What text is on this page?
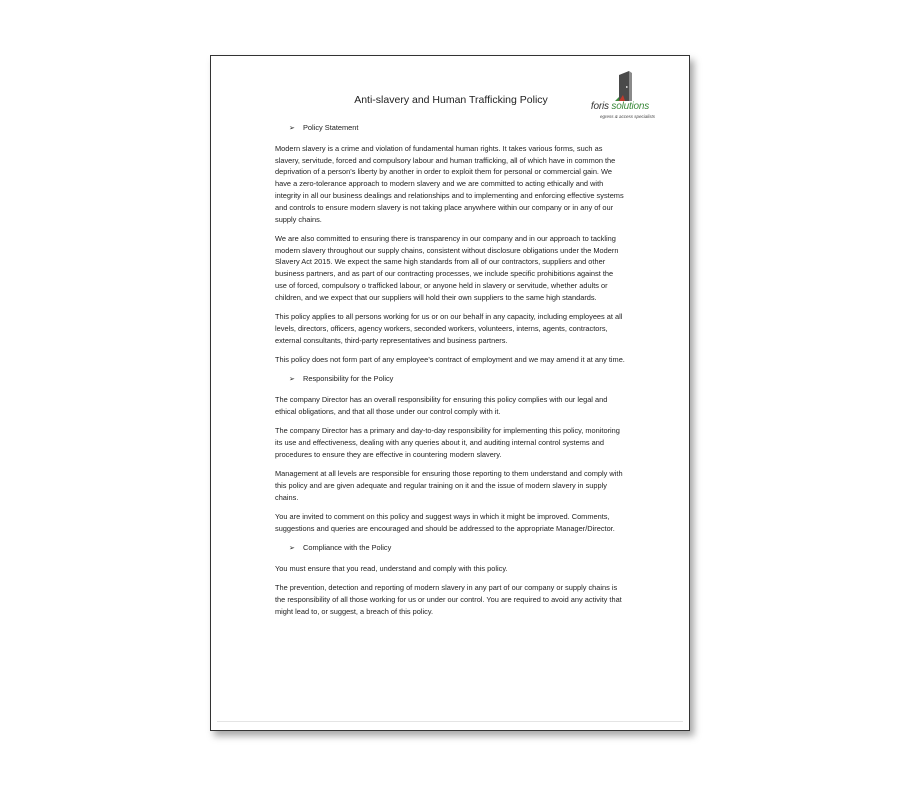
Anti-slavery and Human Trafficking Policy
foris solutions
egress & access specialists
➢ Policy Statement

Modern slavery is a crime and violation of fundamental human rights. It takes various forms, such as slavery, servitude, forced and compulsory labour and human trafficking, all of which have in common the deprivation of a person’s liberty by another in order to exploit them for personal or commercial gain. We have a zero-tolerance approach to modern slavery and we are committed to acting ethically and with integrity in all our business dealings and relationships and to implementing and enforcing effective systems and controls to ensure modern slavery is not taking place anywhere within our company or in any of our supply chains.

We are also committed to ensuring there is transparency in our company and in our approach to tackling modern slavery throughout our supply chains, consistent without disclosure obligations under the Modern Slavery Act 2015. We expect the same high standards from all of our contractors, suppliers and other business partners, and as part of our contracting processes, we include specific prohibitions against the use of forced, compulsory o trafficked labour, or anyone held in slavery or servitude, whether adults or children, and we expect that our suppliers will hold their own suppliers to the same high standards.

This policy applies to all persons working for us or on our behalf in any capacity, including employees at all levels, directors, officers, agency workers, seconded workers, volunteers, interns, agents, contractors, external consultants, third-party representatives and business partners.

This policy does not form part of any employee’s contract of employment and we may amend it at any time.

➢ Responsibility for the Policy

The company Director has an overall responsibility for ensuring this policy complies with our legal and ethical obligations, and that all those under our control comply with it.

The company Director has a primary and day-to-day responsibility for implementing this policy, monitoring its use and effectiveness, dealing with any queries about it, and auditing internal control systems and procedures to ensure they are effective in countering modern slavery.

Management at all levels are responsible for ensuring those reporting to them understand and comply with this policy and are given adequate and regular training on it and the issue of modern slavery in supply chains.

You are invited to comment on this policy and suggest ways in which it might be improved. Comments, suggestions and queries are encouraged and should be addressed to the appropriate Manager/Director.

➢ Compliance with the Policy

You must ensure that you read, understand and comply with this policy.

The prevention, detection and reporting of modern slavery in any part of our company or supply chains is the responsibility of all those working for us or under our control. You are required to avoid any activity that might lead to, or suggest, a breach of this policy.
